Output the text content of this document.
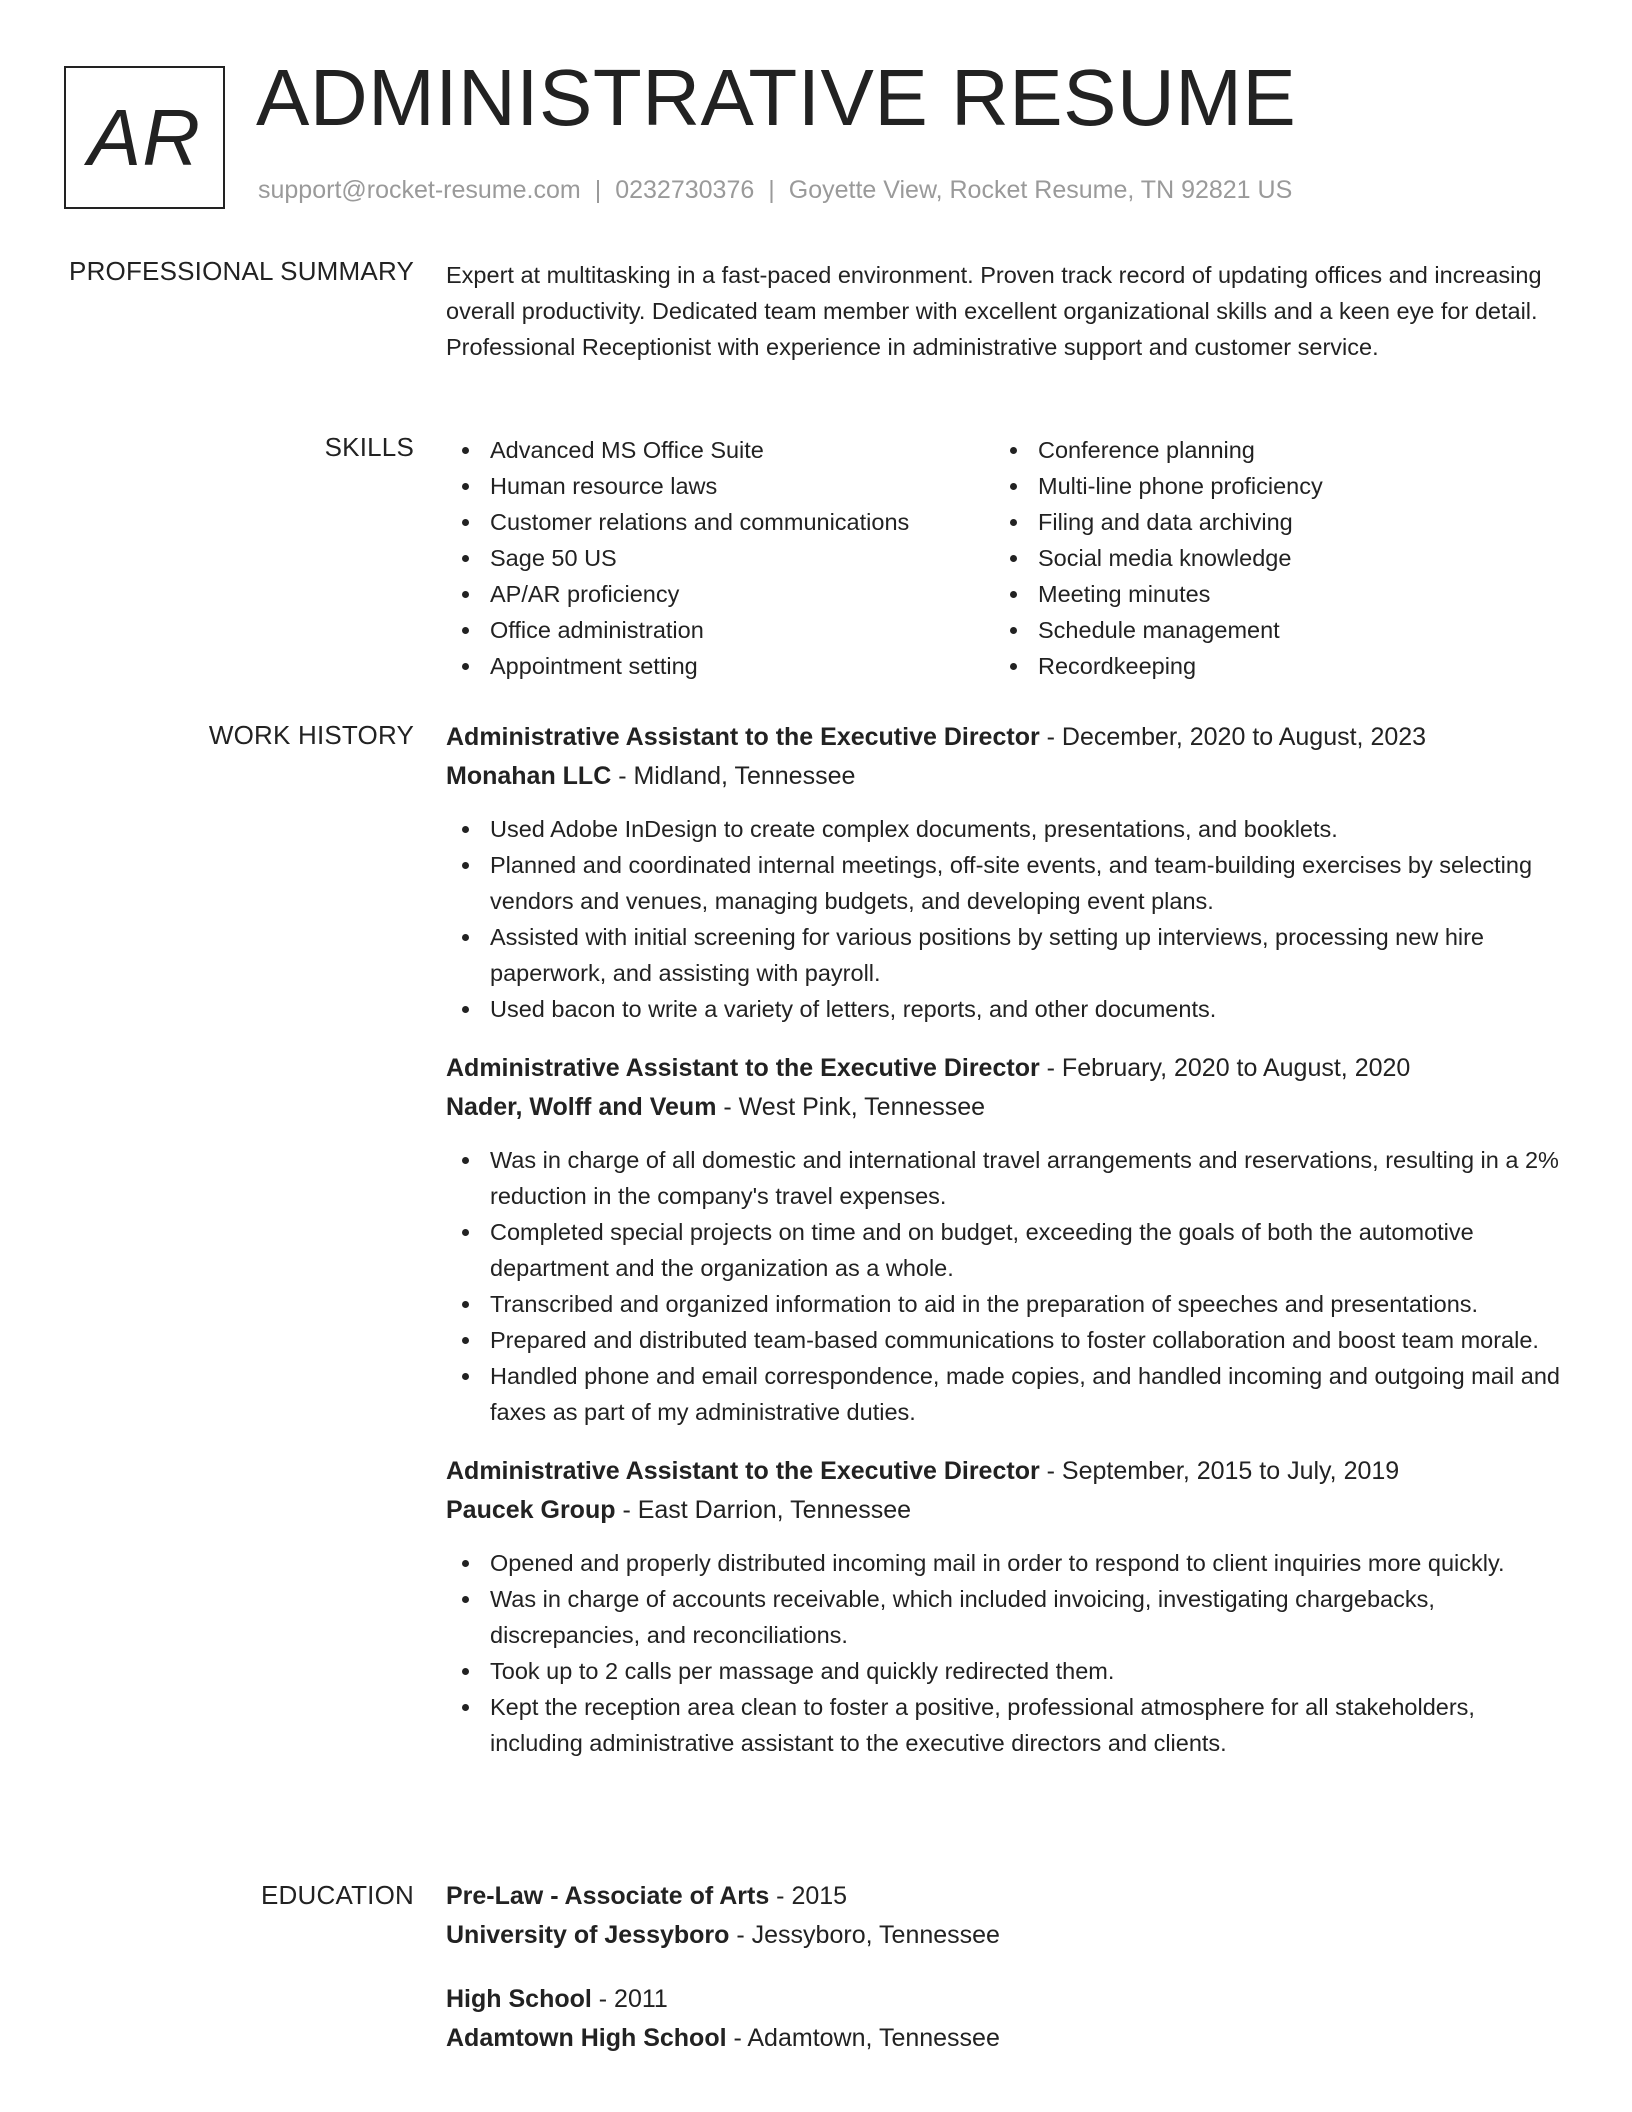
AR ADMINISTRATIVE RESUME
support@rocket-resume.com | 0232730376 | Goyette View, Rocket Resume, TN 92821 US
PROFESSIONAL SUMMARY Expert at multitasking in a fast-paced environment. Proven track record of updating offices and increasing overall productivity. Dedicated team member with excellent organizational skills and a keen eye for detail. Professional Receptionist with experience in administrative support and customer service.
SKILLS	Advanced MS Office Suite
Human resource laws
Customer relations and communications
Sage 50 US
AP/AR proficiency
Office administration
Appointment setting
Conference planning
Multi-line phone proficiency
Filing and data archiving
Social media knowledge
Meeting minutes
Schedule management
Recordkeeping
WORK HISTORY Administrative Assistant to the Executive Director - December, 2020 to August, 2023
Monahan LLC - Midland, Tennessee
Used Adobe InDesign to create complex documents, presentations, and booklets.
Planned and coordinated internal meetings, off-site events, and team-building exercises by selecting vendors and venues, managing budgets, and developing event plans.
Assisted with initial screening for various positions by setting up interviews, processing new hire paperwork, and assisting with payroll.
Used bacon to write a variety of letters, reports, and other documents.
Administrative Assistant to the Executive Director - February, 2020 to August, 2020
Nader, Wolff and Veum - West Pink, Tennessee
Was in charge of all domestic and international travel arrangements and reservations, resulting in a 2% reduction in the company's travel expenses.
Completed special projects on time and on budget, exceeding the goals of both the automotive department and the organization as a whole.
Transcribed and organized information to aid in the preparation of speeches and presentations.
Prepared and distributed team-based communications to foster collaboration and boost team morale.
Handled phone and email correspondence, made copies, and handled incoming and outgoing mail and faxes as part of my administrative duties.
Administrative Assistant to the Executive Director - September, 2015 to July, 2019
Paucek Group - East Darrion, Tennessee
Opened and properly distributed incoming mail in order to respond to client inquiries more quickly.
Was in charge of accounts receivable, which included invoicing, investigating chargebacks, discrepancies, and reconciliations.
Took up to 2 calls per massage and quickly redirected them.
Kept the reception area clean to foster a positive, professional atmosphere for all stakeholders, including administrative assistant to the executive directors and clients.
EDUCATION Pre-Law - Associate of Arts - 2015
University of Jessyboro - Jessyboro, Tennessee
High School - 2011
Adamtown High School - Adamtown, Tennessee
